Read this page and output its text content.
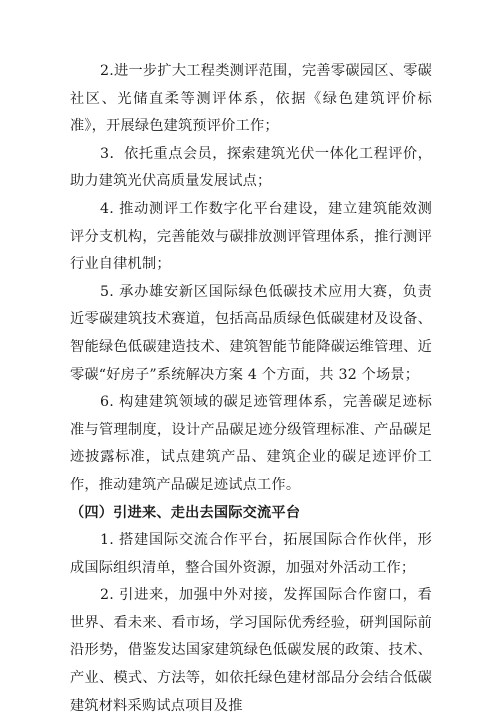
2.进一步扩大工程类测评范围，完善零碳园区、零碳社区、光储直柔等测评体系，依据《绿色建筑评价标准》，开展绿色建筑预评价工作；

3．依托重点会员，探索建筑光伏一体化工程评价，助力建筑光伏高质量发展试点；

4. 推动测评工作数字化平台建设，建立建筑能效测评分支机构，完善能效与碳排放测评管理体系，推行测评行业自律机制；

5. 承办雄安新区国际绿色低碳技术应用大赛，负责近零碳建筑技术赛道，包括高品质绿色低碳建材及设备、智能绿色低碳建造技术、建筑智能节能降碳运维管理、近零碳“好房子”系统解决方案 4 个方面，共 32 个场景；

6. 构建建筑领域的碳足迹管理体系，完善碳足迹标准与管理制度，设计产品碳足迹分级管理标准、产品碳足迹披露标准，试点建筑产品、建筑企业的碳足迹评价工作，推动建筑产品碳足迹试点工作。

（四）引进来、走出去国际交流平台

1. 搭建国际交流合作平台，拓展国际合作伙伴，形成国际组织清单，整合国外资源，加强对外活动工作；

2. 引进来，加强中外对接，发挥国际合作窗口，看世界、看未来、看市场，学习国际优秀经验，研判国际前沿形势，借鉴发达国家建筑绿色低碳发展的政策、技术、产业、模式、方法等，如依托绿色建材部品分会结合低碳建筑材料采购试点项目及推
